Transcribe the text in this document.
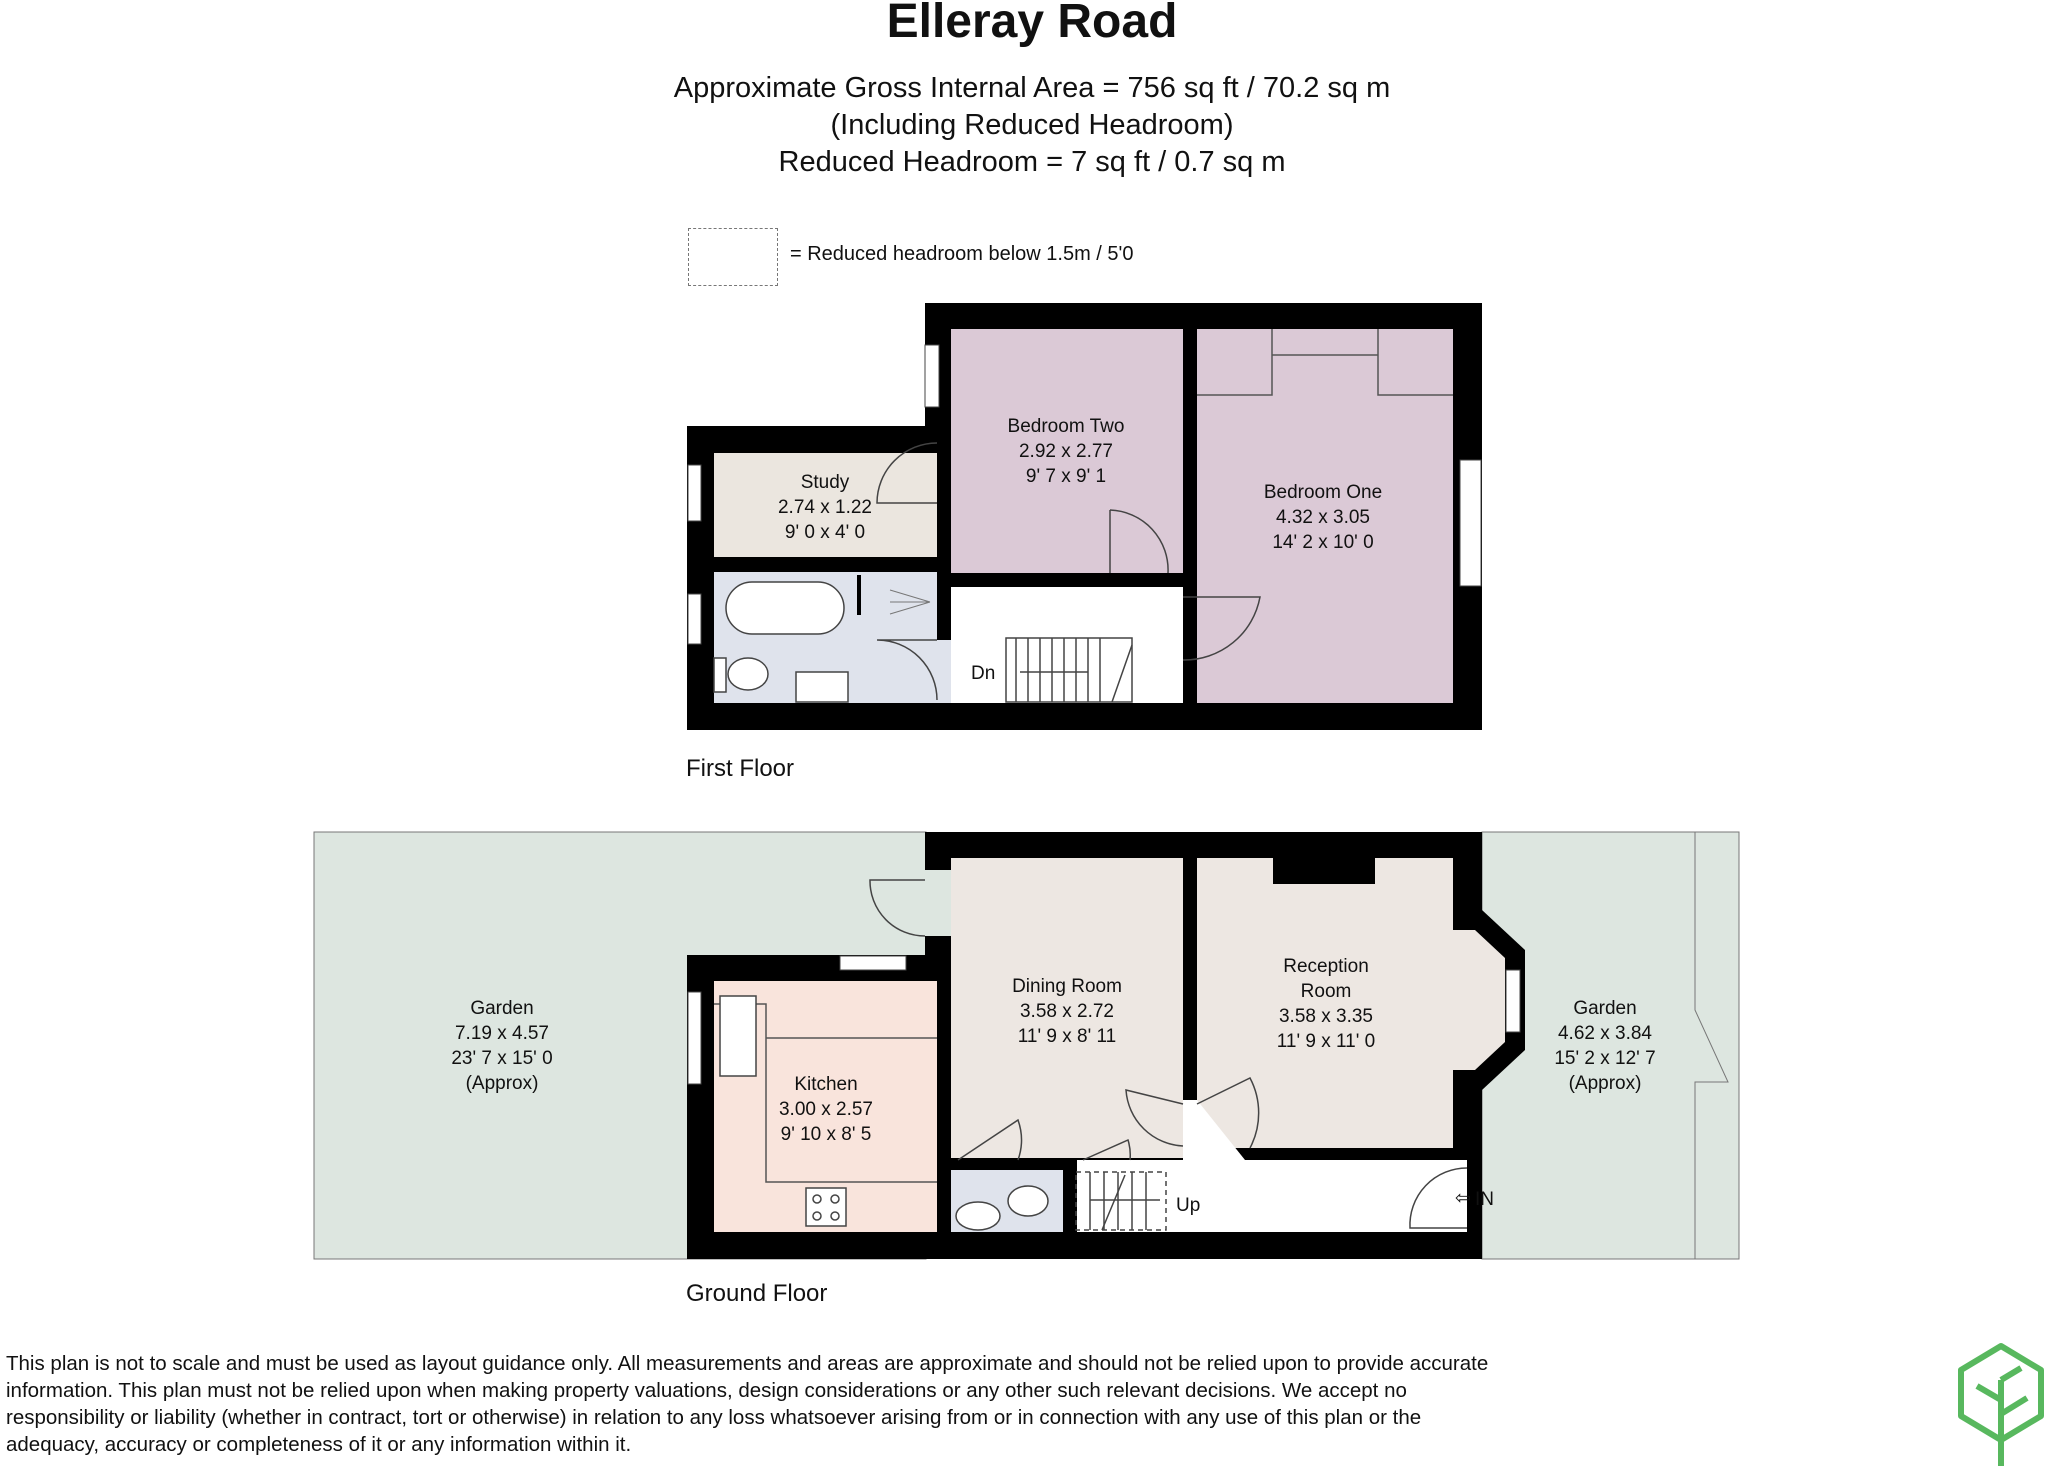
Elleray Road
Approximate Gross Internal Area = 756 sq ft / 70.2 sq m
(Including Reduced Headroom)
Reduced Headroom = 7 sq ft / 0.7 sq m
= Reduced headroom below 1.5m / 5'0
Study
2.74 x 1.22
9' 0 x 4' 0
Bedroom Two
2.92 x 2.77
9' 7 x 9' 1
Bedroom One
4.32 x 3.05
14' 2 x 10' 0
Dn
Garden
7.19 x 4.57
23' 7 x 15' 0
(Approx)	Kitchen
3.00 x 2.57
9' 10 x 8' 5
Dining Room
3.58 x 2.72
11' 9 x 8' 11
Reception
Room
3.58 x 3.35
11' 9 x 11' 0
Garden
4.62 x 3.84
15' 2 x 12' 7
(Approx)
Up	⇦ IN
First Floor
Ground Floor
This plan is not to scale and must be used as layout guidance only. All measurements and areas are approximate and should not be relied upon to provide accurate information. This plan must not be relied upon when making property valuations, design considerations or any other such relevant decisions. We accept no responsibility or liability (whether in contract, tort or otherwise) in relation to any loss whatsoever arising from or in connection with any use of this plan or the adequacy, accuracy or completeness of it or any information within it.
